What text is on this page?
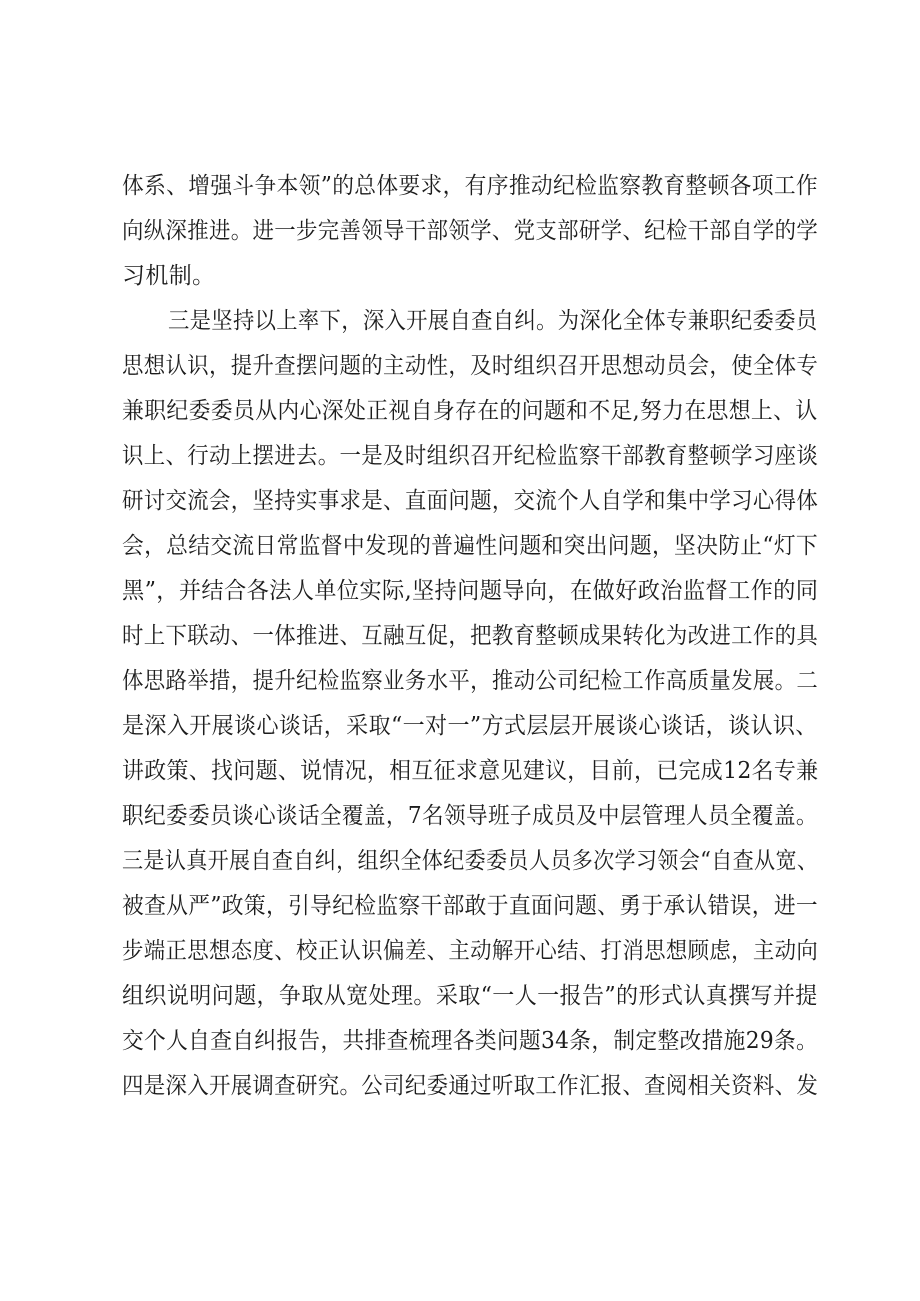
体系、增强斗争本领”的总体要求，有序推动纪检监察教育整顿各项工作

向纵深推进。进一步完善领导干部领学、党支部研学、纪检干部自学的学

习机制。

三是坚持以上率下，深入开展自查自纠。为深化全体专兼职纪委委员

思想认识，提升查摆问题的主动性，及时组织召开思想动员会，使全体专

兼职纪委委员从内心深处正视自身存在的问题和不足,努力在思想上、认

识上、行动上摆进去。一是及时组织召开纪检监察干部教育整顿学习座谈

研讨交流会，坚持实事求是、直面问题，交流个人自学和集中学习心得体

会，总结交流日常监督中发现的普遍性问题和突出问题，坚决防止“灯下

黑”，并结合各法人单位实际,坚持问题导向，在做好政治监督工作的同

时上下联动、一体推进、互融互促，把教育整顿成果转化为改进工作的具

体思路举措，提升纪检监察业务水平，推动公司纪检工作高质量发展。二

是深入开展谈心谈话，采取“一对一”方式层层开展谈心谈话，谈认识、

讲政策、找问题、说情况，相互征求意见建议，目前，已完成12名专兼

职纪委委员谈心谈话全覆盖，7名领导班子成员及中层管理人员全覆盖。

三是认真开展自查自纠，组织全体纪委委员人员多次学习领会“自查从宽、

被查从严”政策，引导纪检监察干部敢于直面问题、勇于承认错误，进一

步端正思想态度、校正认识偏差、主动解开心结、打消思想顾虑，主动向

组织说明问题，争取从宽处理。采取“一人一报告”的形式认真撰写并提

交个人自查自纠报告，共排查梳理各类问题34条，制定整改措施29条。

四是深入开展调查研究。公司纪委通过听取工作汇报、查阅相关资料、发
